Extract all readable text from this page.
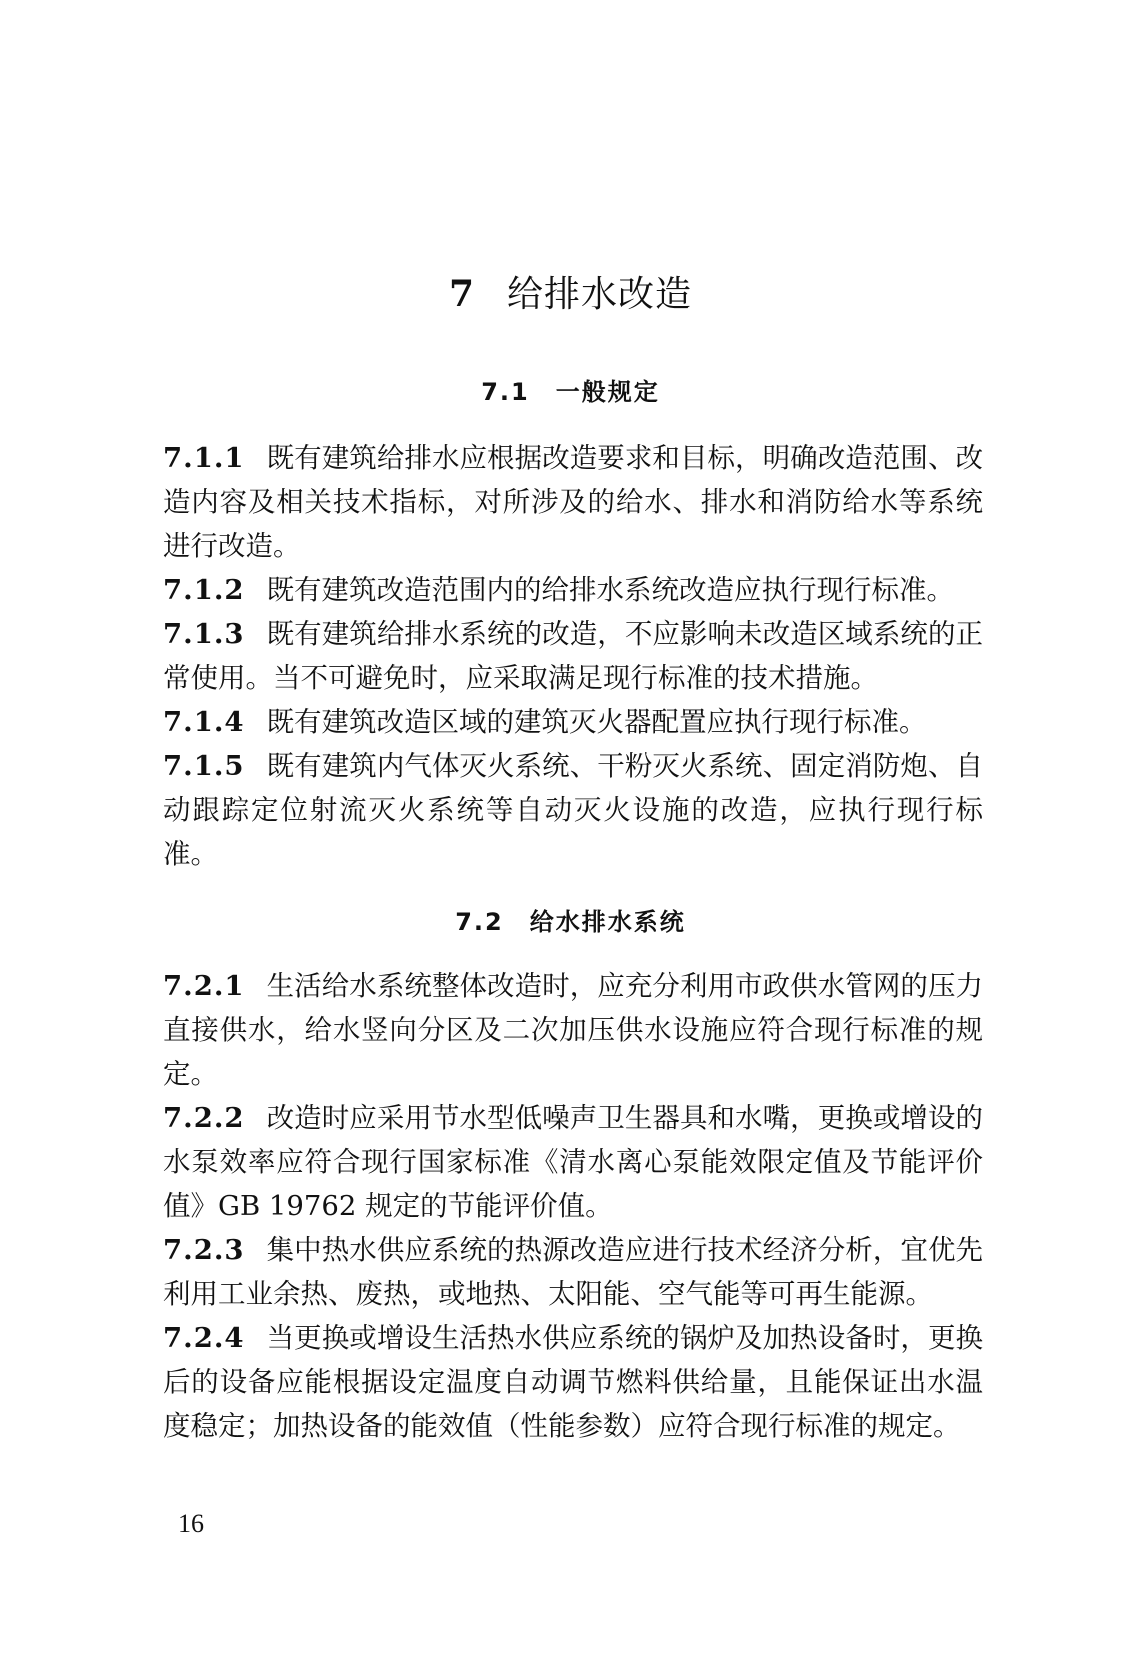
7 给排水改造
7.1 一般规定

7.1.1 既有建筑给排水应根据改造要求和目标，明确改造范围、改造内容及相关技术指标，对所涉及的给水、排水和消防给水等系统进行改造。

7.1.2 既有建筑改造范围内的给排水系统改造应执行现行标准。

7.1.3 既有建筑给排水系统的改造，不应影响未改造区域系统的正常使用。当不可避免时，应采取满足现行标准的技术措施。

7.1.4 既有建筑改造区域的建筑灭火器配置应执行现行标准。

7.1.5 既有建筑内气体灭火系统、干粉灭火系统、固定消防炮、自动跟踪定位射流灭火系统等自动灭火设施的改造，应执行现行标准。

7.2 给水排水系统

7.2.1 生活给水系统整体改造时，应充分利用市政供水管网的压力直接供水，给水竖向分区及二次加压供水设施应符合现行标准的规定。

7.2.2 改造时应采用节水型低噪声卫生器具和水嘴，更换或增设的水泵效率应符合现行国家标准《清水离心泵能效限定值及节能评价值》GB 19762 规定的节能评价值。

7.2.3 集中热水供应系统的热源改造应进行技术经济分析，宜优先利用工业余热、废热，或地热、太阳能、空气能等可再生能源。

7.2.4 当更换或增设生活热水供应系统的锅炉及加热设备时，更换后的设备应能根据设定温度自动调节燃料供给量，且能保证出水温度稳定；加热设备的能效值（性能参数）应符合现行标准的规定。

16
